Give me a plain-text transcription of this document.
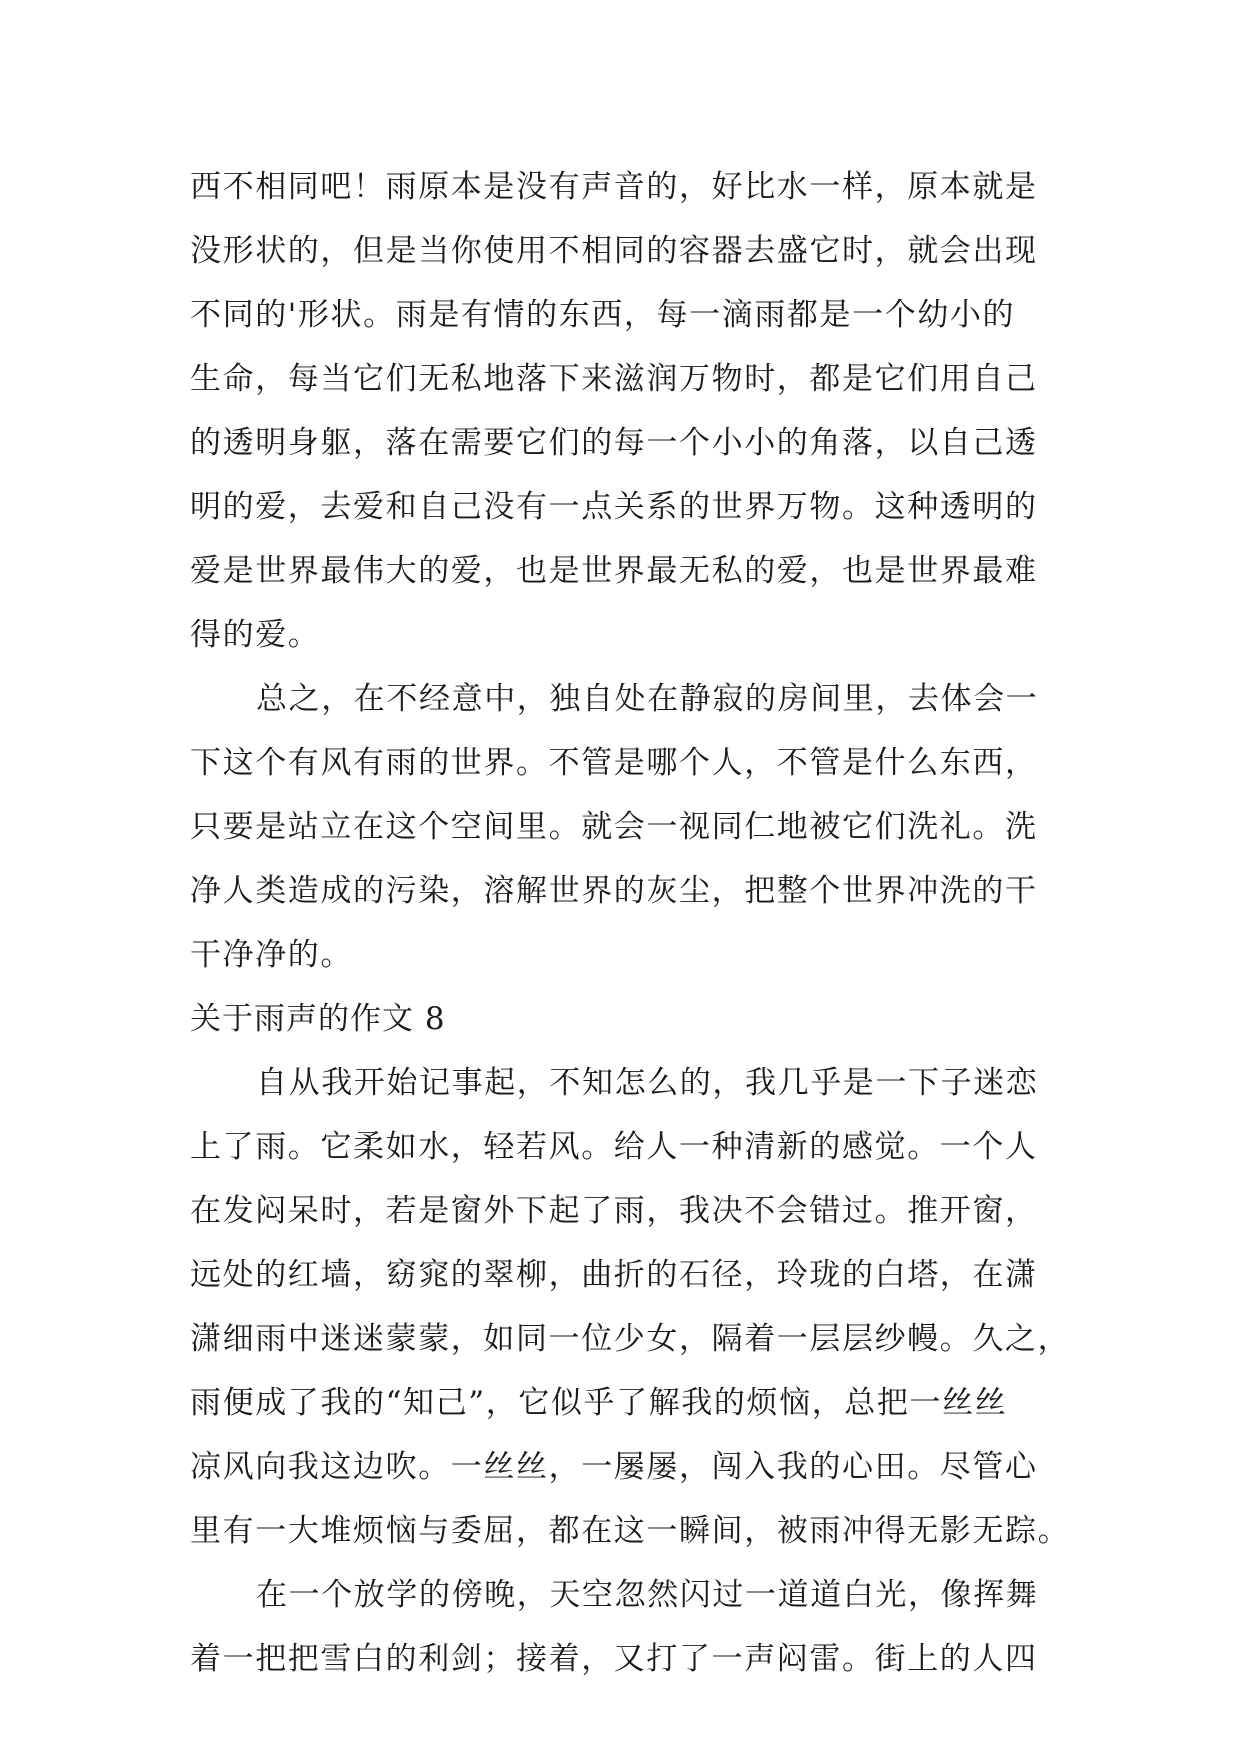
西不相同吧！雨原本是没有声音的，好比水一样，原本就是
没形状的，但是当你使用不相同的容器去盛它时，就会出现
不同的'形状。雨是有情的东西，每一滴雨都是一个幼小的
生命，每当它们无私地落下来滋润万物时，都是它们用自己
的透明身躯，落在需要它们的每一个小小的角落，以自己透
明的爱，去爱和自己没有一点关系的世界万物。这种透明的
爱是世界最伟大的爱，也是世界最无私的爱，也是世界最难
得的爱。
总之，在不经意中，独自处在静寂的房间里，去体会一
下这个有风有雨的世界。不管是哪个人，不管是什么东西，
只要是站立在这个空间里。就会一视同仁地被它们洗礼。洗
净人类造成的污染，溶解世界的灰尘，把整个世界冲洗的干
干净净的。
关于雨声的作文 8
自从我开始记事起，不知怎么的，我几乎是一下子迷恋
上了雨。它柔如水，轻若风。给人一种清新的感觉。一个人
在发闷呆时，若是窗外下起了雨，我决不会错过。推开窗，
远处的红墙，窈窕的翠柳，曲折的石径，玲珑的白塔，在潇
潇细雨中迷迷蒙蒙，如同一位少女，隔着一层层纱幔。久之，
雨便成了我的“知己”，它似乎了解我的烦恼，总把一丝丝
凉风向我这边吹。一丝丝，一屡屡，闯入我的心田。尽管心
里有一大堆烦恼与委屈，都在这一瞬间，被雨冲得无影无踪。
在一个放学的傍晚，天空忽然闪过一道道白光，像挥舞
着一把把雪白的利剑；接着，又打了一声闷雷。街上的人四
